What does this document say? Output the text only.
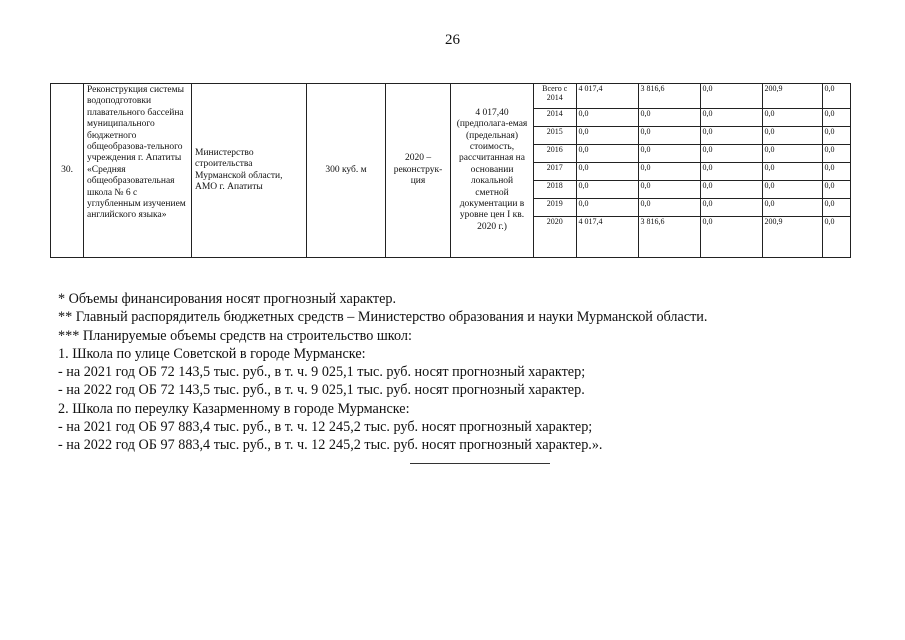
26
30.	Реконструкция системы водоподготовки плавательного бассейна муниципального бюджетного общеобразова-тельного учреждения г. Апатиты «Средняя общеобразовательная школа № 6 с углубленным изучением английского языка»	Министерство строительства Мурманской области, АМО г. Апатиты	300 куб. м	2020 – реконструк-ция	4 017,40 (предполага-емая (предельная) стоимость, рассчитанная на основании локальной сметной документации в уровне цен I кв. 2020 г.)	
Всего с 2014	4 017,4	3 816,6	0,0	200,9	0,0
2014	0,0	0,0	0,0	0,0	0,0
2015	0,0	0,0	0,0	0,0	0,0
2016	0,0	0,0	0,0	0,0	0,0
2017	0,0	0,0	0,0	0,0	0,0
2018	0,0	0,0	0,0	0,0	0,0
2019	0,0	0,0	0,0	0,0	0,0
2020	4 017,4	3 816,6	0,0	200,9	0,0
* Объемы финансирования носят прогнозный характер.
** Главный распорядитель бюджетных средств – Министерство образования и науки Мурманской области.
*** Планируемые объемы средств на строительство школ:
1. Школа по улице Советской в городе Мурманске:
- на 2021 год ОБ 72 143,5 тыс. руб., в т. ч. 9 025,1 тыс. руб. носят прогнозный характер;
- на 2022 год ОБ 72 143,5 тыс. руб., в т. ч. 9 025,1 тыс. руб. носят прогнозный характер.
2. Школа по переулку Казарменному в городе Мурманске:
- на 2021 год ОБ 97 883,4 тыс. руб., в т. ч. 12 245,2 тыс. руб. носят прогнозный характер;
- на 2022 год ОБ 97 883,4 тыс. руб., в т. ч. 12 245,2 тыс. руб. носят прогнозный характер.».
